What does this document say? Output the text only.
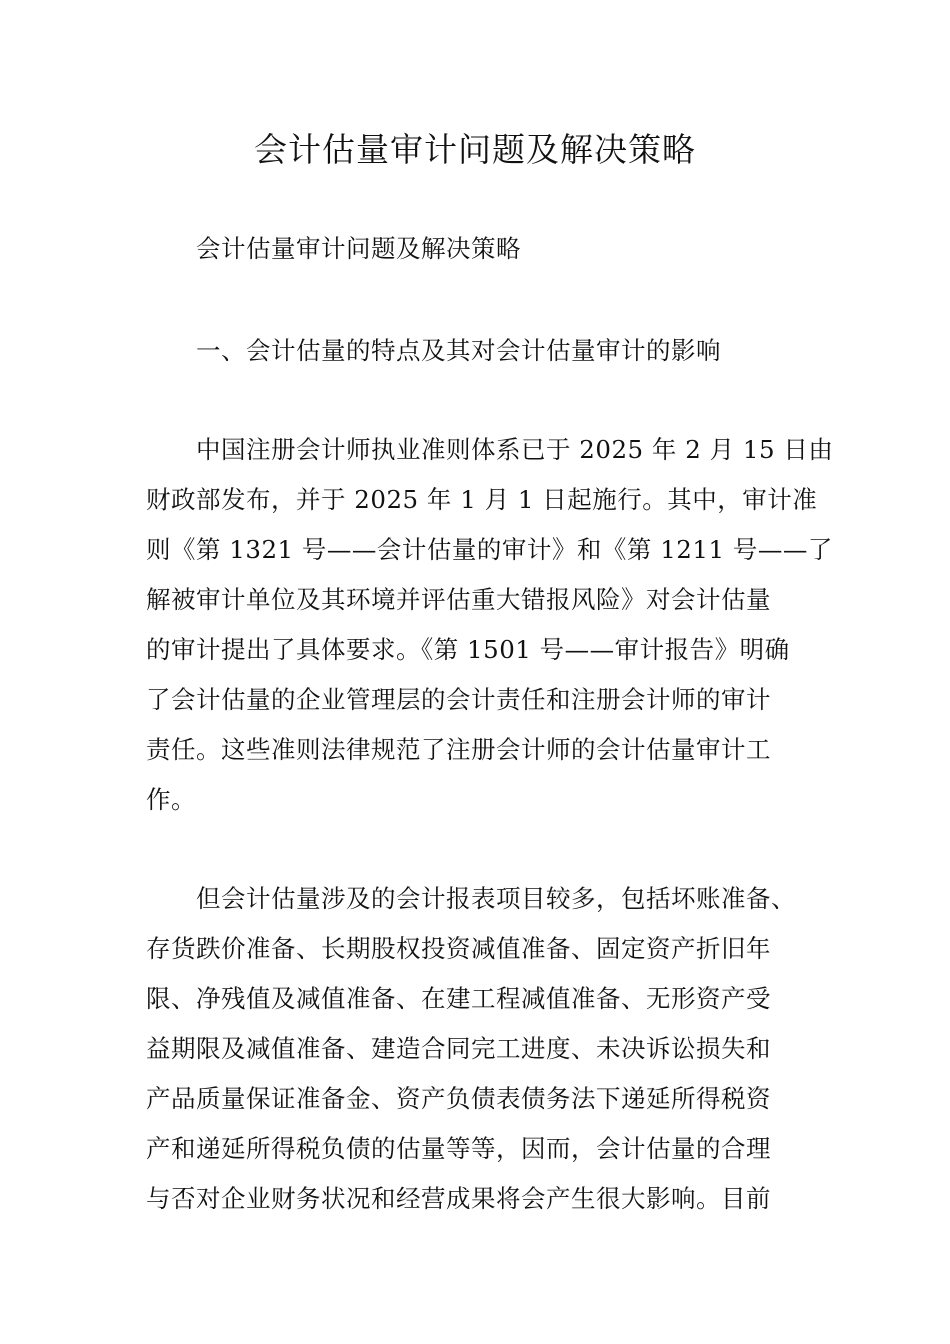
会计估量审计问题及解决策略
会计估量审计问题及解决策略
一、会计估量的特点及其对会计估量审计的影响
中国注册会计师执业准则体系已于 2025 年 2 月 15 日由
财政部发布，并于 2025 年 1 月 1 日起施行。其中，审计准
则《第 1321 号——会计估量的审计》和《第 1211 号——了
解被审计单位及其环境并评估重大错报风险》对会计估量
的审计提出了具体要求。《第 1501 号——审计报告》明确
了会计估量的企业管理层的会计责任和注册会计师的审计
责任。这些准则法律规范了注册会计师的会计估量审计工
作。
但会计估量涉及的会计报表项目较多，包括坏账准备、
存货跌价准备、长期股权投资减值准备、固定资产折旧年
限、净残值及减值准备、在建工程减值准备、无形资产受
益期限及减值准备、建造合同完工进度、未决诉讼损失和
产品质量保证准备金、资产负债表债务法下递延所得税资
产和递延所得税负债的估量等等，因而，会计估量的合理
与否对企业财务状况和经营成果将会产生很大影响。目前
